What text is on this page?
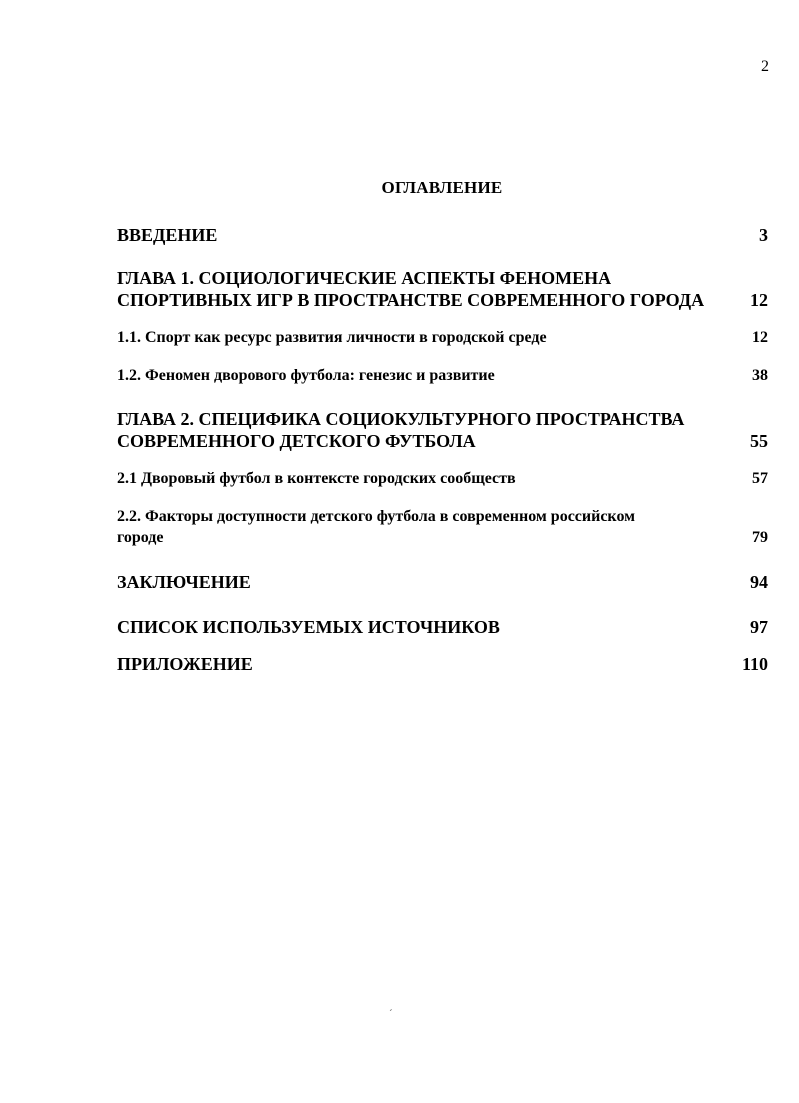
2
ОГЛАВЛЕНИЕ
ВВЕДЕНИЕ	3
ГЛАВА 1. СОЦИОЛОГИЧЕСКИЕ АСПЕКТЫ ФЕНОМЕНА
СПОРТИВНЫХ ИГР В ПРОСТРАНСТВЕ СОВРЕМЕННОГО ГОРОДА	12
1.1. Спорт как ресурс развития личности в городской среде	12
1.2. Феномен дворового футбола: генезис и развитие	38
ГЛАВА 2. СПЕЦИФИКА СОЦИОКУЛЬТУРНОГО ПРОСТРАНСТВА
СОВРЕМЕННОГО ДЕТСКОГО ФУТБОЛА	55
2.1 Дворовый футбол в контексте городских сообществ	57
2.2. Факторы доступности детского футбола в современном российском
городе	79
ЗАКЛЮЧЕНИЕ	94
СПИСОК ИСПОЛЬЗУЕМЫХ ИСТОЧНИКОВ	97
ПРИЛОЖЕНИЕ	110
ˊ
